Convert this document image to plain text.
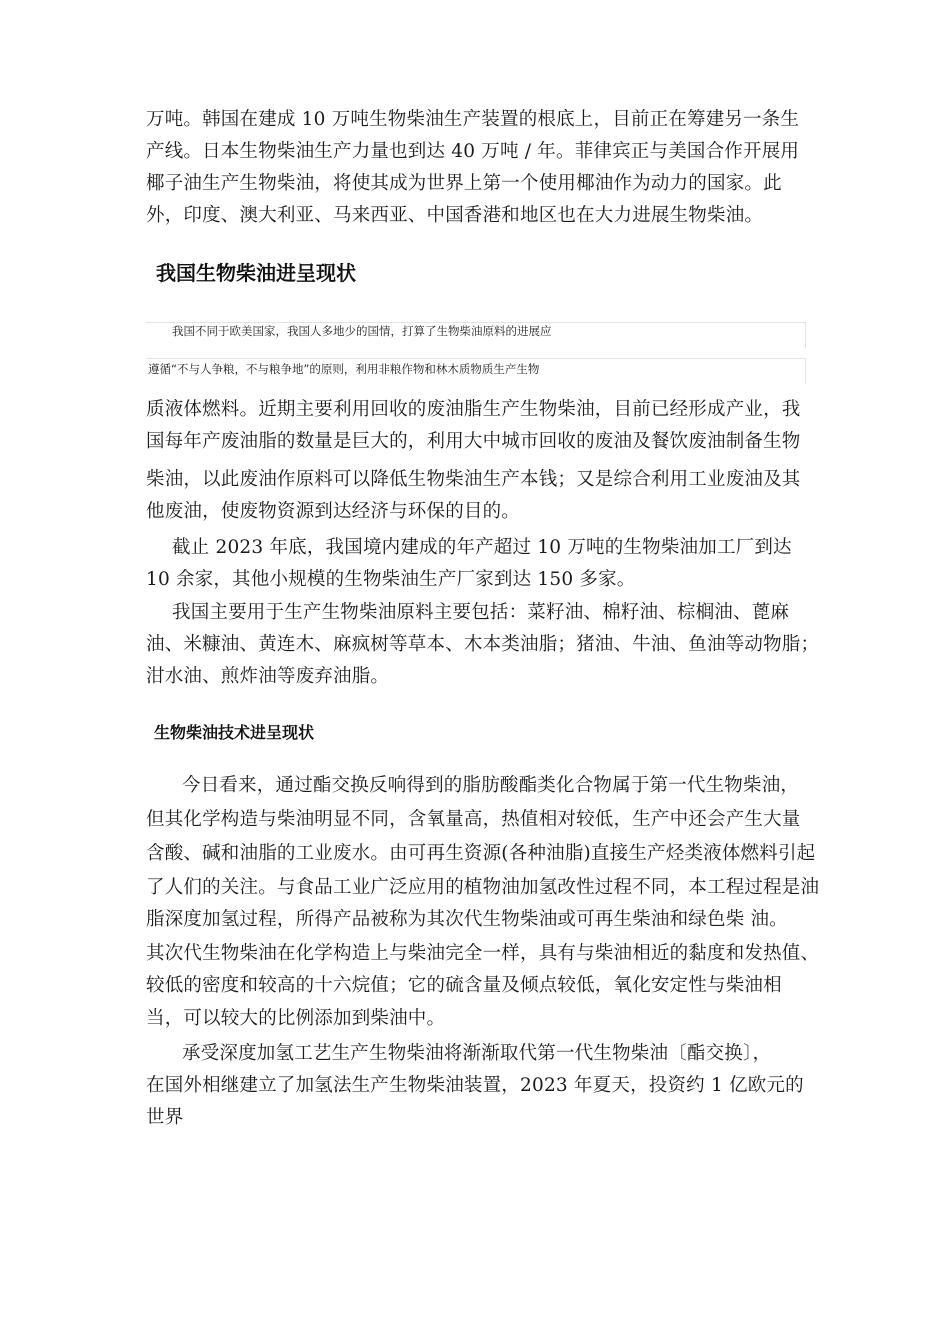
万吨。韩国在建成 10 万吨生物柴油生产装置的根底上，目前正在筹建另一条生
产线。日本生物柴油生产力量也到达 40 万吨 / 年。菲律宾正与美国合作开展用
椰子油生产生物柴油，将使其成为世界上第一个使用椰油作为动力的国家。此
外，印度、澳大利亚、马来西亚、中国香港和地区也在大力进展生物柴油。
我国生物柴油进呈现状
我国不同于欧美国家，我国人多地少的国情，打算了生物柴油原料的进展应
遵循“不与人争粮，不与粮争地”的原则，利用非粮作物和林木质物质生产生物
质液体燃料。近期主要利用回收的废油脂生产生物柴油，目前已经形成产业，我
国每年产废油脂的数量是巨大的，利用大中城市回收的废油及餐饮废油制备生物
柴油，以此废油作原料可以降低生物柴油生产本钱；又是综合利用工业废油及其
他废油，使废物资源到达经济与环保的目的。
截止 2023 年底，我国境内建成的年产超过 10 万吨的生物柴油加工厂到达
10 余家，其他小规模的生物柴油生产厂家到达 150 多家。
我国主要用于生产生物柴油原料主要包括：菜籽油、棉籽油、棕榈油、蓖麻
油、米糠油、黄连木、麻疯树等草本、木本类油脂；猪油、牛油、鱼油等动物脂；
泔水油、煎炸油等废弃油脂。
生物柴油技术进呈现状
今日看来，通过酯交换反响得到的脂肪酸酯类化合物属于第一代生物柴油，
但其化学构造与柴油明显不同，含氧量高，热值相对较低，生产中还会产生大量
含酸、碱和油脂的工业废水。由可再生资源(各种油脂)直接生产烃类液体燃料引起
了人们的关注。与食品工业广泛应用的植物油加氢改性过程不同，本工程过程是油
脂深度加氢过程，所得产品被称为其次代生物柴油或可再生柴油和绿色柴 油。
其次代生物柴油在化学构造上与柴油完全一样，具有与柴油相近的黏度和发热值、
较低的密度和较高的十六烷值；它的硫含量及倾点较低，氧化安定性与柴油相
当，可以较大的比例添加到柴油中。
承受深度加氢工艺生产生物柴油将渐渐取代第一代生物柴油〔酯交换〕，
在国外相继建立了加氢法生产生物柴油装置，2023 年夏天，投资约 1 亿欧元的
世界
